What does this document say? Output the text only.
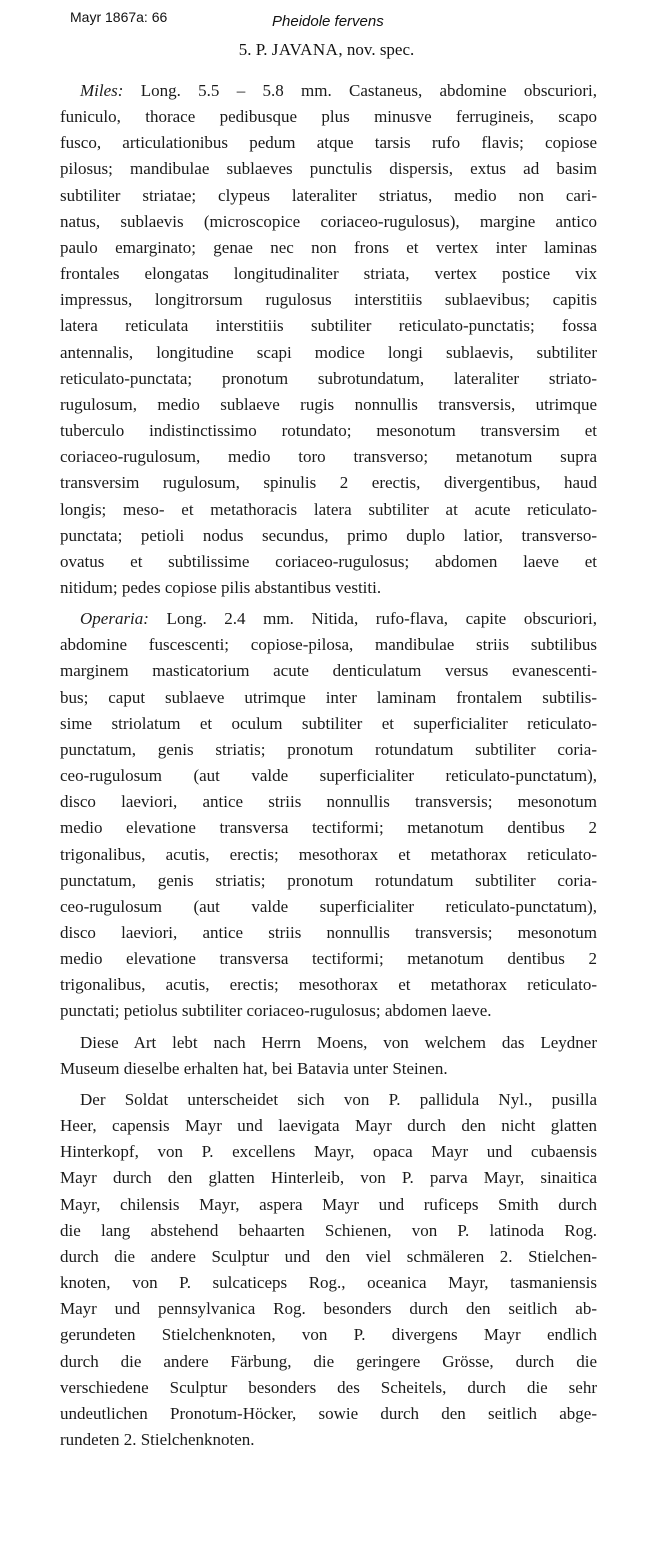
Mayr 1867a: 66	Pheidole fervens
5. P. JAVANA, nov. spec.
Miles: Long. 5.5 – 5.8 mm. Castaneus, abdomine obscuriori,
funiculo, thorace pedibusque plus minusve ferrugineis, scapo
fusco, articulationibus pedum atque tarsis rufo flavis; copiose
pilosus; mandibulae sublaeves punctulis dispersis, extus ad basim
subtiliter striatae; clypeus lateraliter striatus, medio non cari-
natus, sublaevis (microscopice coriaceo-rugulosus), margine antico
paulo emarginato; genae nec non frons et vertex inter laminas
frontales elongatas longitudinaliter striata, vertex postice vix
impressus, longitrorsum rugulosus interstitiis sublaevibus; capitis
latera reticulata interstitiis subtiliter reticulato-punctatis; fossa
antennalis, longitudine scapi modice longi sublaevis, subtiliter
reticulato-punctata; pronotum subrotundatum, lateraliter striato-
rugulosum, medio sublaeve rugis nonnullis transversis, utrimque
tuberculo indistinctissimo rotundato; mesonotum transversim et
coriaceo-rugulosum, medio toro transverso; metanotum supra
transversim rugulosum, spinulis 2 erectis, divergentibus, haud
longis; meso- et metathoracis latera subtiliter at acute reticulato-
punctata; petioli nodus secundus, primo duplo latior, transverso-
ovatus et subtilissime coriaceo-rugulosus; abdomen laeve et
nitidum; pedes copiose pilis abstantibus vestiti.
Operaria: Long. 2.4 mm. Nitida, rufo-flava, capite obscuriori,
abdomine fuscescenti; copiose-pilosa, mandibulae striis subtilibus
marginem masticatorium acute denticulatum versus evanescenti-
bus; caput sublaeve utrimque inter laminam frontalem subtilis-
sime striolatum et oculum subtiliter et superficialiter reticulato-
punctatum, genis striatis; pronotum rotundatum subtiliter coria-
ceo-rugulosum (aut valde superficialiter reticulato-punctatum),
disco laeviori, antice striis nonnullis transversis; mesonotum
medio elevatione transversa tectiformi; metanotum dentibus 2
trigonalibus, acutis, erectis; mesothorax et metathorax reticulato-
punctatum, genis striatis; pronotum rotundatum subtiliter coria-
ceo-rugulosum (aut valde superficialiter reticulato-punctatum),
disco laeviori, antice striis nonnullis transversis; mesonotum
medio elevatione transversa tectiformi; metanotum dentibus 2
trigonalibus, acutis, erectis; mesothorax et metathorax reticulato-
punctati; petiolus subtiliter coriaceo-rugulosus; abdomen laeve.
Diese Art lebt nach Herrn Moens, von welchem das Leydner
Museum dieselbe erhalten hat, bei Batavia unter Steinen.
Der Soldat unterscheidet sich von P. pallidula Nyl., pusilla
Heer, capensis Mayr und laevigata Mayr durch den nicht glatten
Hinterkopf, von P. excellens Mayr, opaca Mayr und cubaensis
Mayr durch den glatten Hinterleib, von P. parva Mayr, sinaitica
Mayr, chilensis Mayr, aspera Mayr und ruficeps Smith durch
die lang abstehend behaarten Schienen, von P. latinoda Rog.
durch die andere Sculptur und den viel schmäleren 2. Stielchen-
knoten, von P. sulcaticeps Rog., oceanica Mayr, tasmaniensis
Mayr und pennsylvanica Rog. besonders durch den seitlich ab-
gerundeten Stielchenknoten, von P. divergens Mayr endlich
durch die andere Färbung, die geringere Grösse, durch die
verschiedene Sculptur besonders des Scheitels, durch die sehr
undeutlichen Pronotum-Höcker, sowie durch den seitlich abge-
rundeten 2. Stielchenknoten.
